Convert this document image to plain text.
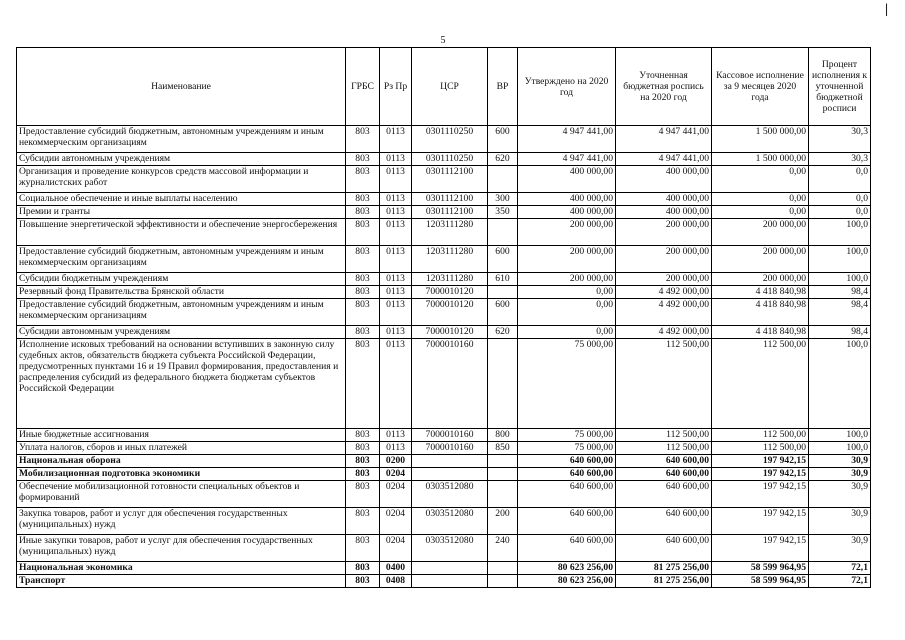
5
|
Наименование	ГРБС	Рз Пр	ЦСР	ВР	Утверждено на 2020 год	Уточненная бюджетная роспись на 2020 год	Кассовое исполнение за 9 месяцев 2020 года	Процент исполнения к уточненной бюджетной росписи
Предоставление субсидий бюджетным, автономным учреждениям и иным некоммерческим организациям	803	0113	0301110250	600	4 947 441,00	4 947 441,00	1 500 000,00	30,3
Субсидии автономным учреждениям	803	0113	0301110250	620	4 947 441,00	4 947 441,00	1 500 000,00	30,3
Организация и проведение конкурсов средств массовой информации и журналистских работ	803	0113	0301112100		400 000,00	400 000,00	0,00	0,0
Социальное обеспечение и иные выплаты населению	803	0113	0301112100	300	400 000,00	400 000,00	0,00	0,0
Премии и гранты	803	0113	0301112100	350	400 000,00	400 000,00	0,00	0,0
Повышение энергетической эффективности и обеспечение энергосбережения	803	0113	1203111280		200 000,00	200 000,00	200 000,00	100,0
Предоставление субсидий бюджетным, автономным учреждениям и иным некоммерческим организациям	803	0113	1203111280	600	200 000,00	200 000,00	200 000,00	100,0
Субсидии бюджетным учреждениям	803	0113	1203111280	610	200 000,00	200 000,00	200 000,00	100,0
Резервный фонд Правительства Брянской области	803	0113	7000010120		0,00	4 492 000,00	4 418 840,98	98,4
Предоставление субсидий бюджетным, автономным учреждениям и иным некоммерческим организациям	803	0113	7000010120	600	0,00	4 492 000,00	4 418 840,98	98,4
Субсидии автономным учреждениям	803	0113	7000010120	620	0,00	4 492 000,00	4 418 840,98	98,4
Исполнение исковых требований на основании вступивших в законную силу судебных актов, обязательств бюджета субъекта Российской Федерации, предусмотренных пунктами 16 и 19 Правил формирования, предоставления и распределения субсидий из федерального бюджета бюджетам субъектов Российской Федерации	803	0113	7000010160		75 000,00	112 500,00	112 500,00	100,0
Иные бюджетные ассигнования	803	0113	7000010160	800	75 000,00	112 500,00	112 500,00	100,0
Уплата налогов, сборов и иных платежей	803	0113	7000010160	850	75 000,00	112 500,00	112 500,00	100,0
Национальная оборона	803	0200			640 600,00	640 600,00	197 942,15	30,9
Мобилизационная подготовка экономики	803	0204			640 600,00	640 600,00	197 942,15	30,9
Обеспечение мобилизационной готовности специальных объектов и формирований	803	0204	0303512080		640 600,00	640 600,00	197 942,15	30,9
Закупка товаров, работ и услуг для обеспечения государственных (муниципальных) нужд	803	0204	0303512080	200	640 600,00	640 600,00	197 942,15	30,9
Иные закупки товаров, работ и услуг для обеспечения государственных (муниципальных) нужд	803	0204	0303512080	240	640 600,00	640 600,00	197 942,15	30,9
Национальная экономика	803	0400			80 623 256,00	81 275 256,00	58 599 964,95	72,1
Транспорт	803	0408			80 623 256,00	81 275 256,00	58 599 964,95	72,1
